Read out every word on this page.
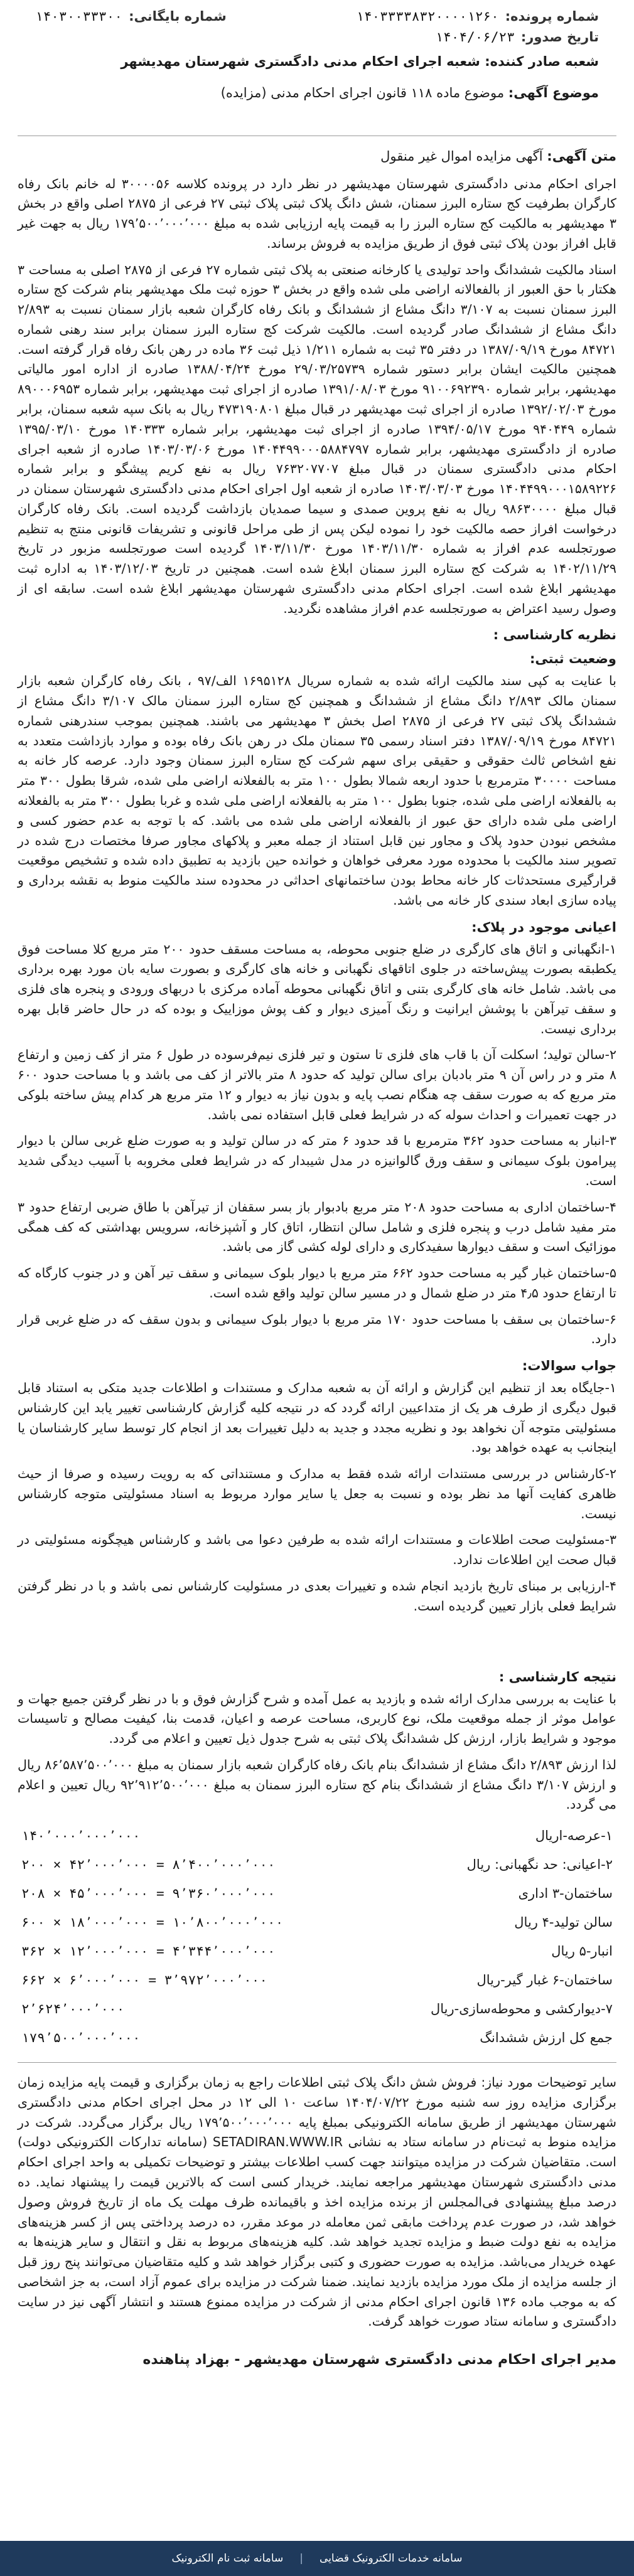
شماره پرونده:
۱۴۰۳۳۳۳۸۳۲۰۰۰۰۱۲۶۰
تاریخ صدور:
۱۴۰۴/۰۶/۲۳
۱۴۰۳۰۰۳۳۳۰۰ شماره بایگانی:
شعبه صادر کننده: شعبه اجرای احکام مدنی دادگستری شهرستان مهدیشهر
موضوع آگهی: موضوع ماده ۱۱۸ قانون اجرای احکام مدنی (مزایده)
متن آگهی: آگهی مزایده اموال غیر منقول

اجرای احکام مدنی دادگستری شهرستان مهدیشهر در نظر دارد در پرونده کلاسه ۳۰۰۰۰۵۶ له خانم بانک رفاه کارگران بطرفیت کج ستاره البرز سمنان، شش دانگ پلاک ثبتی پلاک ثبتی ۲۷ فرعی از ۲۸۷۵ اصلی واقع در بخش ۳ مهدیشهر به مالکیت کج ستاره البرز را به قیمت پایه ارزیابی شده به مبلغ ۱۷۹٬۵۰۰٬۰۰۰٬۰۰۰ ریال به جهت غیر قابل افراز بودن پلاک ثبتی فوق از طریق مزایده به فروش برساند.

اسناد مالکیت ششدانگ واحد تولیدی یا کارخانه صنعتی به پلاک ثبتی شماره ۲۷ فرعی از ۲۸۷۵ اصلی به مساحت ۳ هکتار با حق العبور از بالفعالانه اراضی ملی شده واقع در بخش ۳ حوزه ثبت ملک مهدیشهر بنام شرکت کج ستاره البرز سمنان نسبت به ۳/۱۰۷ دانگ مشاع از ششدانگ و بانک رفاه کارگران شعبه بازار سمنان نسبت به ۲/۸۹۳ دانگ مشاع از ششدانگ صادر گردیده است. مالکیت شرکت کج ستاره البرز سمنان برابر سند رهنی شماره ۸۴۷۲۱ مورخ ۱۳۸۷/۰۹/۱۹ در دفتر ۳۵ ثبت به شماره ۱/۲۱۱ ذیل ثبت ۳۶ ماده در رهن بانک رفاه قرار گرفته است. همچنین مالکیت ایشان برابر دستور شماره ۲۹/۰۳/۲۵۷۳۹ مورخ ۱۳۸۸/۰۴/۲۴ صادره از اداره امور مالیاتی مهدیشهر، برابر شماره ۹۱۰۰۶۹۲۳۹۰ مورخ ۱۳۹۱/۰۸/۰۳ صادره از اجرای ثبت مهدیشهر، برابر شماره ۸۹۰۰۰۶۹۵۳ مورخ ۱۳۹۲/۰۲/۰۳ صادره از اجرای ثبت مهدیشهر در قبال مبلغ ۴۷۳۱۹۰۸۰۱ ریال به بانک سپه شعبه سمنان، برابر شماره ۹۴۰۴۴۹ مورخ ۱۳۹۴/۰۵/۱۷ صادره از اجرای ثبت مهدیشهر، برابر شماره ۱۴۰۳۳۳ مورخ ۱۳۹۵/۰۳/۱۰ صادره از دادگستری مهدیشهر، برابر شماره ۱۴۰۴۴۹۹۰۰۰۵۸۸۴۷۹۷ مورخ ۱۴۰۳/۰۳/۰۶ صادره از شعبه اجرای احکام مدنی دادگستری سمنان در قبال مبلغ ۷۶۳۲۰۷۷۰۷ ریال به نفع کریم پیشگو و برابر شماره ۱۴۰۴۴۹۹۰۰۰۱۵۸۹۲۲۶ مورخ ۱۴۰۳/۰۳/۰۳ صادره از شعبه اول اجرای احکام مدنی دادگستری شهرستان سمنان در قبال مبلغ ۹۸۶۳۰۰۰۰ ریال به نفع پروین صمدی و سیما صمدیان بازداشت گردیده است. بانک رفاه کارگران درخواست افراز حصه مالکیت خود را نموده لیکن پس از طی مراحل قانونی و تشریفات قانونی منتج به تنظیم صورتجلسه عدم افراز به شماره ۱۴۰۳/۱۱/۳۰ مورخ ۱۴۰۳/۱۱/۳۰ گردیده است صورتجلسه مزبور در تاریخ ۱۴۰۲/۱۱/۲۹ به شرکت کج ستاره البرز سمنان ابلاغ شده است. همچنین در تاریخ ۱۴۰۳/۱۲/۰۳ به اداره ثبت مهدیشهر ابلاغ شده است. اجرای احکام مدنی دادگستری شهرستان مهدیشهر ابلاغ شده است. سابقه ای از وصول رسید اعتراض به صورتجلسه عدم افراز مشاهده نگردید.

نظریه کارشناسی :
وضعیت ثبتی:

با عنایت به کپی سند مالکیت ارائه شده به شماره سریال ۱۶۹۵۱۲۸ الف/۹۷ ، بانک رفاه کارگران شعبه بازار سمنان مالک ۲/۸۹۳ دانگ مشاع از ششدانگ و همچنین کج ستاره البرز سمنان مالک ۳/۱۰۷ دانگ مشاع از ششدانگ پلاک ثبتی ۲۷ فرعی از ۲۸۷۵ اصل بخش ۳ مهدیشهر می باشند. همچنین بموجب سندرهنی شماره ۸۴۷۲۱ مورخ ۱۳۸۷/۰۹/۱۹ دفتر اسناد رسمی ۳۵ سمنان ملک در رهن بانک رفاه بوده و موارد بازداشت متعدد به نفع اشخاص ثالث حقوقی و حقیقی برای سهم شرکت کج ستاره البرز سمنان وجود دارد. عرصه کار خانه به مساحت ۳۰۰۰۰ مترمربع با حدود اربعه شمالا بطول ۱۰۰ متر به بالفعلانه اراضی ملی شده، شرقا بطول ۳۰۰ متر به بالفعلانه اراضی ملی شده، جنوبا بطول ۱۰۰ متر به بالفعلانه اراضی ملی شده و غربا بطول ۳۰۰ متر به بالفعلانه اراضی ملی شده دارای حق عبور از بالفعلانه اراضی ملی شده می باشد. که با توجه به عدم حضور کسی و مشخص نبودن حدود پلاک و مجاور نین قابل استناد از جمله معبر و پلاکهای مجاور صرفا مختصات درج شده در تصویر سند مالکیت با محدوده مورد معرفی خواهان و خوانده حین بازدید به تطبیق داده شده و تشخیص موقعیت قرارگیری مستحدثات کار خانه محاط بودن ساختمانهای احداثی در محدوده سند مالکیت منوط به نقشه برداری و پیاده سازی ابعاد سندی کار خانه می باشد.

اعیانی موجود در پلاک:

۱-انگهبانی و اتاق های کارگری در ضلع جنوبی محوطه، به مساحت مسقف حدود ۲۰۰ متر مربع کلا مساحت فوق یکطبقه بصورت پیش‌ساخته در جلوی اتاقهای نگهبانی و خانه های کارگری و بصورت سایه بان مورد بهره برداری می باشد. شامل خانه های کارگری بتنی و اتاق نگهبانی محوطه آماده مرکزی با دربهای ورودی و پنجره های فلزی و سقف تیرآهن با پوشش ایرانیت و رنگ آمیزی دیوار و کف پوش موزاییک و بوده که در حال حاضر قابل بهره برداری نیست.

۲-سالن تولید؛ اسکلت آن با قاب های فلزی تا ستون و تیر فلزی نیم‌فرسوده در طول ۶ متر از کف زمین و ارتفاع ۸ متر و در راس آن ۹ متر بادبان برای سالن تولید که حدود ۸ متر بالاتر از کف می باشد و با مساحت حدود ۶۰۰ متر مربع که به صورت سقف چه هنگام نصب پایه و بدون نیاز به دیوار و ۱۲ متر مربع هر کدام پیش ساخته بلوکی در جهت تعمیرات و احداث سوله که در شرایط فعلی قابل استفاده نمی باشد.

۳-انبار به مساحت حدود ۳۶۲ مترمربع با قد حدود ۶ متر که در سالن تولید و به صورت ضلع غربی سالن با دیوار پیرامون بلوک سیمانی و سقف ورق گالوانیزه در مدل شیبدار که در شرایط فعلی مخروبه با آسیب دیدگی شدید است.

۴-ساختمان اداری به مساحت حدود ۲۰۸ متر مربع بادبوار باز بسر سقفان از تیرآهن با طاق ضربی ارتفاع حدود ۳ متر مفید شامل درب و پنجره فلزی و شامل سالن انتظار، اتاق کار و آشپزخانه، سرویس بهداشتی که کف همگی موزائیک است و سقف دیوارها سفیدکاری و دارای لوله کشی گاز می باشد.

۵-ساختمان غبار گیر به مساحت حدود ۶۶۲ متر مربع با دیوار بلوک سیمانی و سقف تیر آهن و در جنوب کارگاه که تا ارتفاع حدود ۴٫۵ متر در ضلع شمال و در مسیر سالن تولید واقع شده است.

۶-ساختمان بی سقف با مساحت حدود ۱۷۰ متر مربع با دیوار بلوک سیمانی و بدون سقف که در ضلع غربی قرار دارد.

جواب سوالات:

۱-جایگاه بعد از تنظیم این گزارش و ارائه آن به شعبه مدارک و مستندات و اطلاعات جدید متکی به استناد قابل قبول دیگری از طرف هر یک از متداعیین ارائه گردد که در نتیجه کلیه گزارش کارشناسی تغییر یابد این کارشناس مسئولیتی متوجه آن نخواهد بود و نظریه مجدد و جدید به دلیل تغییرات بعد از انجام کار توسط سایر کارشناسان یا اینجانب به عهده خواهد بود.

۲-کارشناس در بررسی مستندات ارائه شده فقط به مدارک و مستنداتی که به رویت رسیده و صرفا از حیث ظاهری کفایت آنها مد نظر بوده و نسبت به جعل یا سایر موارد مربوط به اسناد مسئولیتی متوجه کارشناس نیست.

۳-مسئولیت صحت اطلاعات و مستندات ارائه شده به طرفین دعوا می باشد و کارشناس هیچگونه مسئولیتی در قبال صحت این اطلاعات ندارد.

۴-ارزیابی بر مبنای تاریخ بازدید انجام شده و تغییرات بعدی در مسئولیت کارشناس نمی باشد و با در نظر گرفتن شرایط فعلی بازار تعیین گردیده است.

نتیجه کارشناسی :

با عنایت به بررسی مدارک ارائه شده و بازدید به عمل آمده و شرح گزارش فوق و با در نظر گرفتن جمیع جهات و عوامل موثر از جمله موقعیت ملک، نوع کاربری، مساحت عرصه و اعیان، قدمت بنا، کیفیت مصالح و تاسیسات موجود و شرایط بازار، ارزش کل ششدانگ پلاک ثبتی به شرح جدول ذیل تعیین و اعلام می گردد.

لذا ارزش ۲/۸۹۳ دانگ مشاع از ششدانگ بنام بانک رفاه کارگران شعبه بازار سمنان به مبلغ ۸۶٬۵۸۷٬۵۰۰٬۰۰۰ ریال و ارزش ۳/۱۰۷ دانگ مشاع از ششدانگ بنام کج ستاره البرز سمنان به مبلغ ۹۲٬۹۱۲٬۵۰۰٬۰۰۰ ریال تعیین و اعلام می گردد.

۱-عرصه-اریال	۱۴۰٬۰۰۰٬۰۰۰٬۰۰۰
۲-اعیانی: حد نگهبانی: ریال	۲۰۰ × ۴۲٬۰۰۰٬۰۰۰ = ۸٬۴۰۰٬۰۰۰٬۰۰۰
ساختمان-۳ اداری	۲۰۸ × ۴۵٬۰۰۰٬۰۰۰ = ۹٬۳۶۰٬۰۰۰٬۰۰۰
سالن تولید-۴ ریال	۶۰۰ × ۱۸٬۰۰۰٬۰۰۰ = ۱۰٬۸۰۰٬۰۰۰٬۰۰۰
انبار-۵ ریال	۳۶۲ × ۱۲٬۰۰۰٬۰۰۰ = ۴٬۳۴۴٬۰۰۰٬۰۰۰
ساختمان-۶ غبار گیر-ریال	۶۶۲ × ۶٬۰۰۰٬۰۰۰ = ۳٬۹۷۲٬۰۰۰٬۰۰۰
۷-دیوارکشی و محوطه‌سازی-ریال	۲٬۶۲۴٬۰۰۰٬۰۰۰
جمع کل ارزش ششدانگ	۱۷۹٬۵۰۰٬۰۰۰٬۰۰۰

سایر توضیحات مورد نیاز: فروش شش دانگ پلاک ثبتی اطلاعات راجع به زمان برگزاری و قیمت پایه مزایده زمان برگزاری مزایده روز سه شنبه مورخ ۱۴۰۴/۰۷/۲۲ ساعت ۱۰ الی ۱۲ در محل اجرای احکام مدنی دادگستری شهرستان مهدیشهر از طریق سامانه الکترونیکی بمبلغ پایه ۱۷۹٬۵۰۰٬۰۰۰٬۰۰۰ ریال برگزار می‌گردد. شرکت در مزایده منوط به ثبت‌نام در سامانه ستاد به نشانی SETADIRAN.WWW.IR (سامانه تدارکات الکترونیکی دولت) است. متقاضیان شرکت در مزایده میتوانند جهت کسب اطلاعات بیشتر و توضیحات تکمیلی به واحد اجرای احکام مدنی دادگستری شهرستان مهدیشهر مراجعه نمایند. خریدار کسی است که بالاترین قیمت را پیشنهاد نماید. ده درصد مبلغ پیشنهادی فی‌المجلس از برنده مزایده اخذ و باقیمانده ظرف مهلت یک ماه از تاریخ فروش وصول خواهد شد، در صورت عدم پرداخت مابقی ثمن معامله در موعد مقرر، ده درصد پرداختی پس از کسر هزینه‌های مزایده به نفع دولت ضبط و مزایده تجدید خواهد شد. کلیه هزینه‌های مربوط به نقل و انتقال و سایر هزینه‌ها به عهده خریدار می‌باشد. مزایده به صورت حضوری و کتبی برگزار خواهد شد و کلیه متقاضیان می‌توانند پنج روز قبل از جلسه مزایده از ملک مورد مزایده بازدید نمایند. ضمنا شرکت در مزایده برای عموم آزاد است، به جز اشخاصی که به موجب ماده ۱۳۶ قانون اجرای احکام مدنی از شرکت در مزایده ممنوع هستند و انتشار آگهی نیز در سایت دادگستری و سامانه ستاد صورت خواهد گرفت.

مدیر اجرای احکام مدنی دادگستری شهرستان مهدیشهر - بهزاد پناهنده
سامانه خدمات الکترونیک قضایی
|
سامانه ثبت نام الکترونیک
